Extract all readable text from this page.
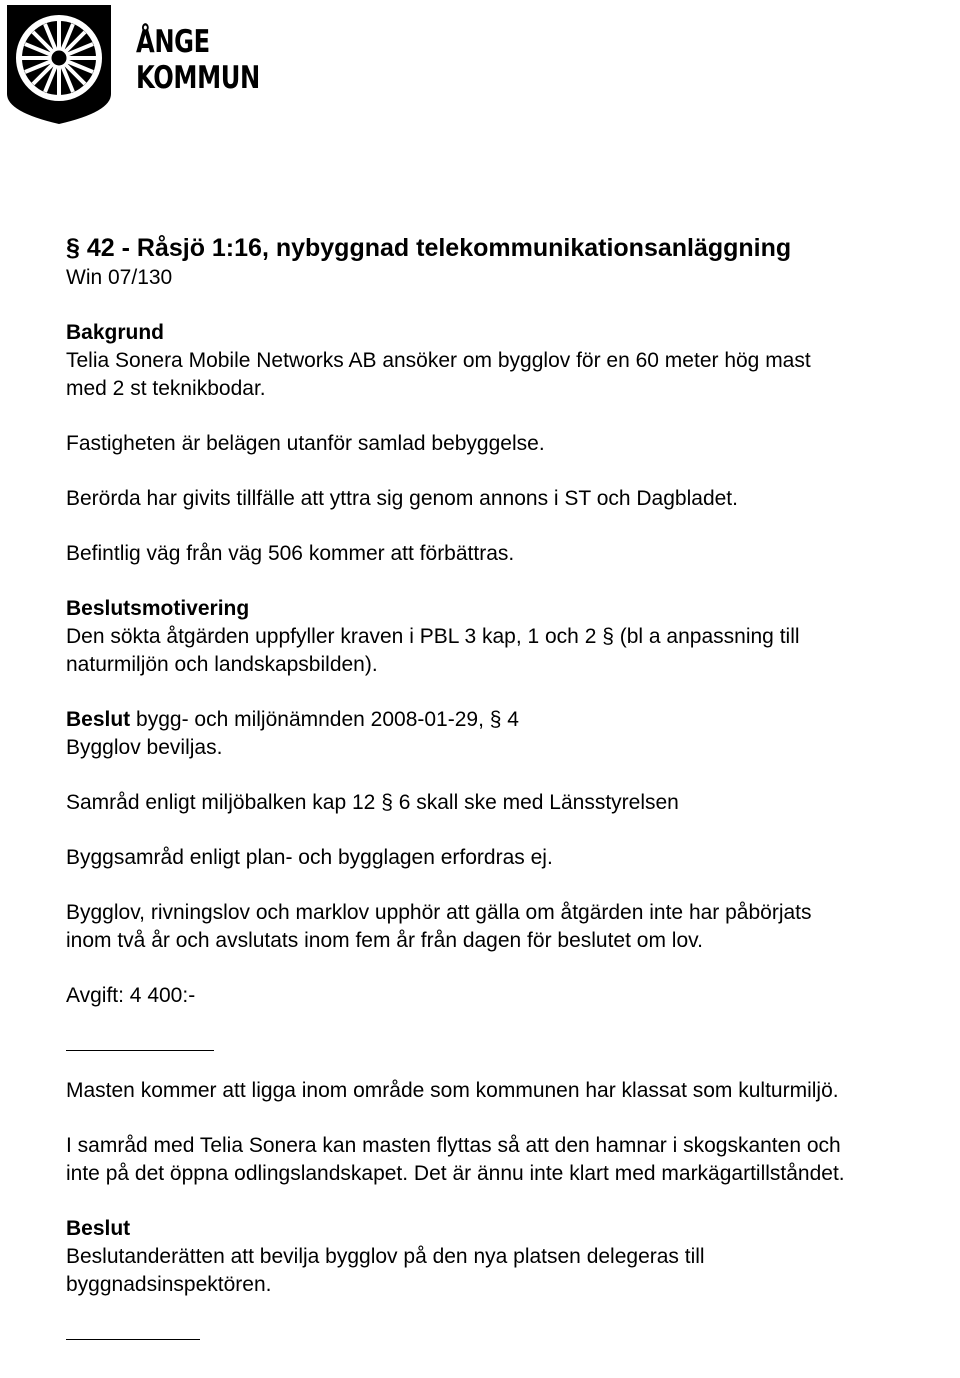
ÅNGE
KOMMUN
§ 42 - Råsjö 1:16, nybyggnad telekommunikationsanläggning
Win 07/130
Bakgrund
Telia Sonera Mobile Networks AB ansöker om bygglov för en 60 meter hög mast
med 2 st teknikbodar.
Fastigheten är belägen utanför samlad bebyggelse.
Berörda har givits tillfälle att yttra sig genom annons i ST och Dagbladet.
Befintlig väg från väg 506 kommer att förbättras.
Beslutsmotivering
Den sökta åtgärden uppfyller kraven i PBL 3 kap, 1 och 2 § (bl a anpassning till
naturmiljön och landskapsbilden).
Beslut bygg- och miljönämnden 2008-01-29, § 4
Bygglov beviljas.
Samråd enligt miljöbalken kap 12 § 6 skall ske med Länsstyrelsen
Byggsamråd enligt plan- och bygglagen erfordras ej.
Bygglov, rivningslov och marklov upphör att gälla om åtgärden inte har påbörjats
inom två år och avslutats inom fem år från dagen för beslutet om lov.
Avgift: 4 400:-
Masten kommer att ligga inom område som kommunen har klassat som kulturmiljö.
I samråd med Telia Sonera kan masten flyttas så att den hamnar i skogskanten och
inte på det öppna odlingslandskapet. Det är ännu inte klart med markägartillståndet.
Beslut
Beslutanderätten att bevilja bygglov på den nya platsen delegeras till
byggnadsinspektören.
